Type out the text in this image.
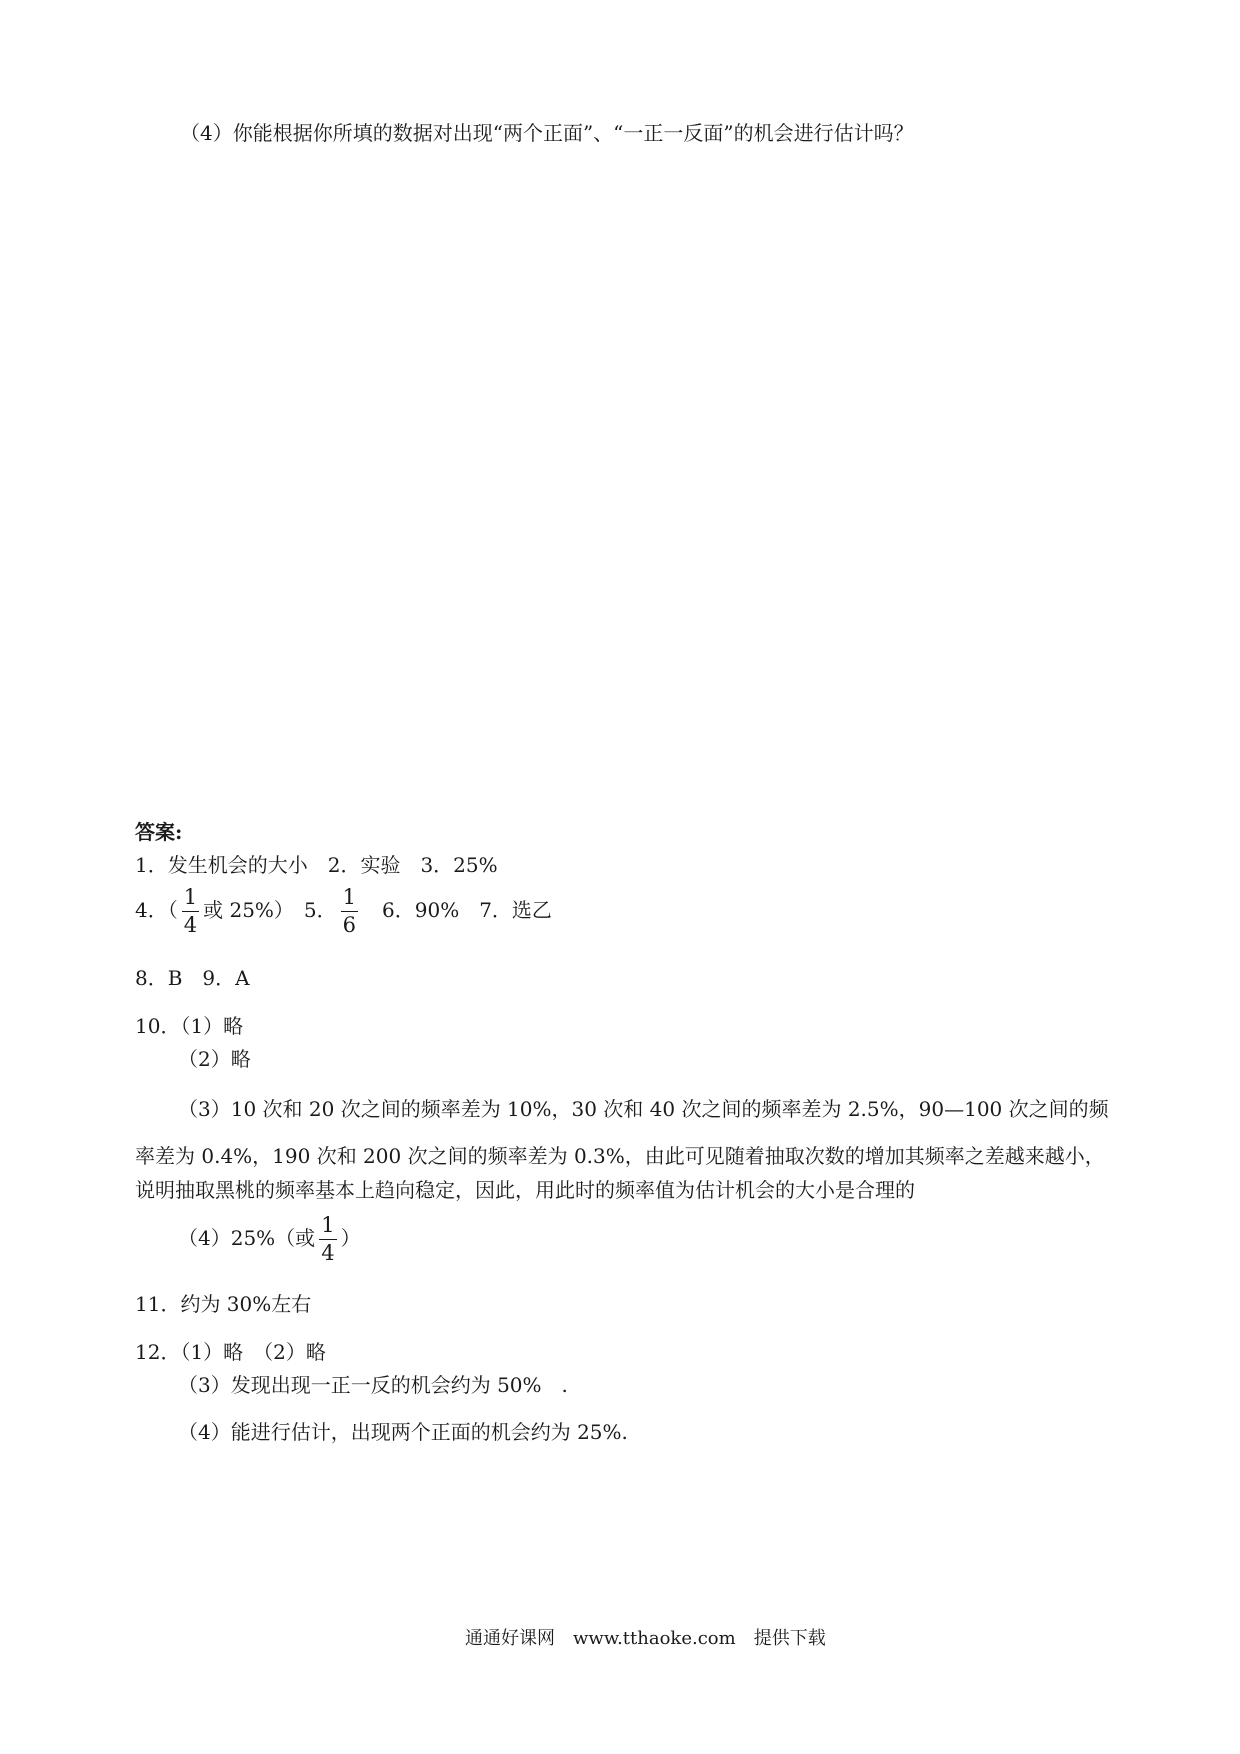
（4）你能根据你所填的数据对出现“两个正面”、“一正一反面”的机会进行估计吗？
答案:
1．发生机会的大小　2．实验　3．25%
4．（ $\frac{1}{4}$ 或 25%）　5． $\frac{1}{6}$ 　6．90%　7．选乙
8．B　9．A
10．（1）略
（2）略
（3）10 次和 20 次之间的频率差为 10%，30 次和 40 次之间的频率差为 2.5%，90—100 次之间的频
率差为 0.4%，190 次和 200 次之间的频率差为 0.3%，由此可见随着抽取次数的增加其频率之差越来越小，
说明抽取黑桃的频率基本上趋向稳定，因此，用此时的频率值为估计机会的大小是合理的
（4）25%（或 $\frac{1}{4}$ ）
11．约为 30%左右
12．（1）略　（2）略
（3）发现出现一正一反的机会约为 50%　.
（4）能进行估计，出现两个正面的机会约为 25%.
通通好课网　www.tthaoke.com　提供下载
